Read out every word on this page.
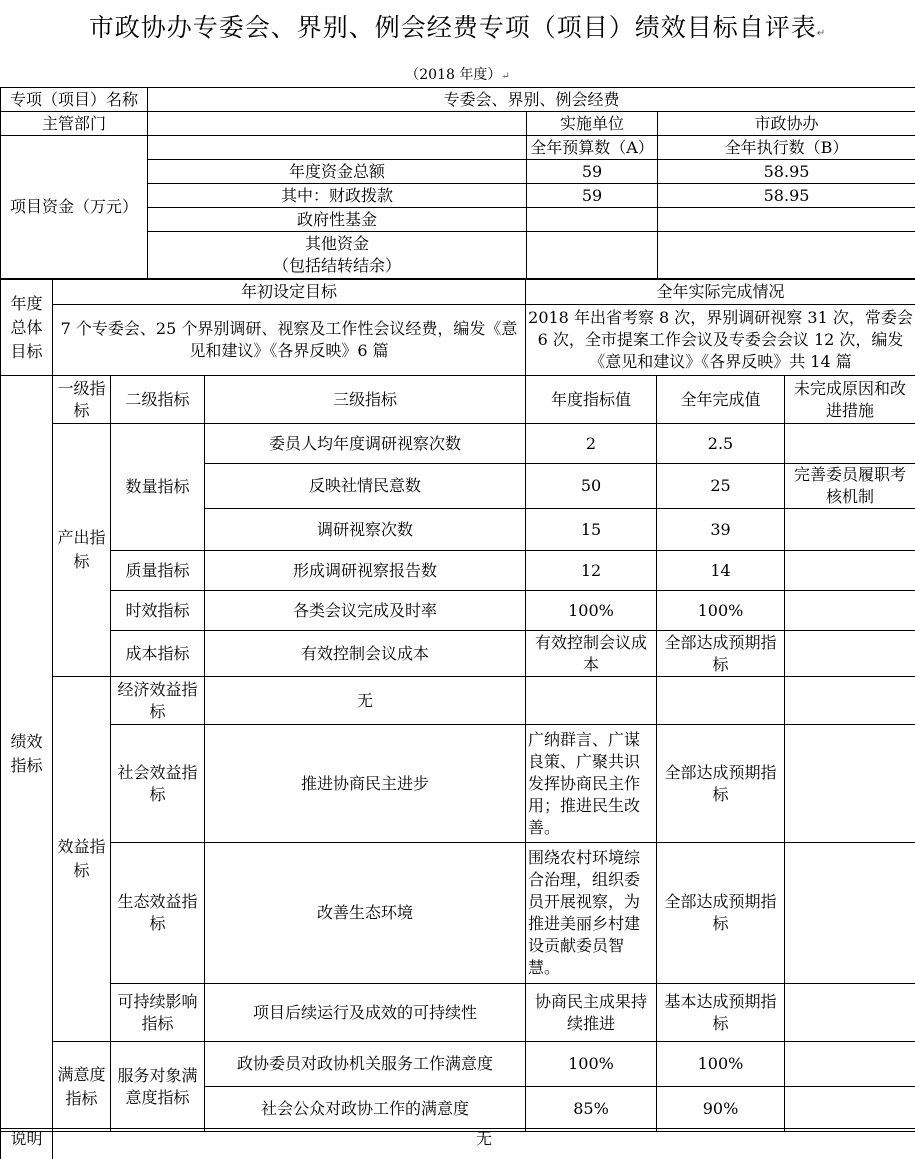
市政协办专委会、界别、例会经费专项（项目）绩效目标自评表↵
（2018 年度）↵
专项（项目）名称	专委会、界别、例会经费		
主管部门		实施单位	市政协办
项目资金（万元）		全年预算数（A）	全年执行数（B）
	年度资金总额	59	58.95
	其中：财政拨款	59	58.95
	政府性基金		
	其他资金
（包括结转结余）		
年度总体目标	年初设定目标	全年实际完成情况
	7 个专委会、25 个界别调研、视察及工作性会议经费，编发《意见和建议》《各界反映》6 篇	2018 年出省考察 8 次，界别调研视察 31 次，常委会 6 次，全市提案工作会议及专委会会议 12 次，编发《意见和建议》《各界反映》共 14 篇
绩效指标	一级指标	二级指标	三级指标	年度指标值	全年完成值	未完成原因和改进措施
	产出指标	数量指标	委员人均年度调研视察次数	2	2.5	
			反映社情民意数	50	25	完善委员履职考核机制
			调研视察次数	15	39	
		质量指标	形成调研视察报告数	12	14	
		时效指标	各类会议完成及时率	100%	100%	
		成本指标	有效控制会议成本	有效控制会议成本	全部达成预期指标	
	效益指标	经济效益指标	无			
		社会效益指标	推进协商民主进步	广纳群言、广谋良策、广聚共识发挥协商民主作用；推进民生改善。	全部达成预期指标	
		生态效益指标	改善生态环境	围绕农村环境综合治理，组织委员开展视察，为推进美丽乡村建设贡献委员智慧。	全部达成预期指标	
		可持续影响指标	项目后续运行及成效的可持续性	协商民主成果持续推进	基本达成预期指标	
	满意度指标	服务对象满意度指标	政协委员对政协机关服务工作满意度	100%	100%	
			社会公众对政协工作的满意度	85%	90%	
说明	无
